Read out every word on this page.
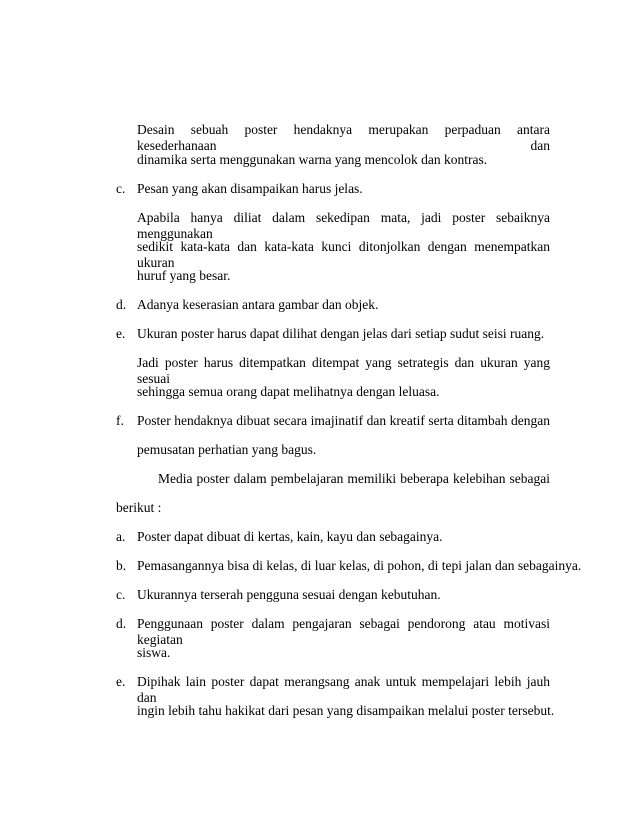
Desain sebuah poster hendaknya merupakan perpaduan antara kesederhanaan dan
dinamika serta menggunakan warna yang mencolok dan kontras.
c. Pesan yang akan disampaikan harus jelas.
Apabila hanya diliat dalam sekedipan mata, jadi poster sebaiknya menggunakan
sedikit kata-kata dan kata-kata kunci ditonjolkan dengan menempatkan ukuran
huruf yang besar.
d. Adanya keserasian antara gambar dan objek.
e. Ukuran poster harus dapat dilihat dengan jelas dari setiap sudut seisi ruang.
Jadi poster harus ditempatkan ditempat yang setrategis dan ukuran yang sesuai
sehingga semua orang dapat melihatnya dengan leluasa.
f. Poster hendaknya dibuat secara imajinatif dan kreatif serta ditambah dengan
pemusatan perhatian yang bagus.
Media poster dalam pembelajaran memiliki beberapa kelebihan sebagai
berikut :
a. Poster dapat dibuat di kertas, kain, kayu dan sebagainya.
b. Pemasangannya bisa di kelas, di luar kelas, di pohon, di tepi jalan dan sebagainya.
c. Ukurannya terserah pengguna sesuai dengan kebutuhan.
d. Penggunaan poster dalam pengajaran sebagai pendorong atau motivasi kegiatan
siswa.
e. Dipihak lain poster dapat merangsang anak untuk mempelajari lebih jauh dan
ingin lebih tahu hakikat dari pesan yang disampaikan melalui poster tersebut.
